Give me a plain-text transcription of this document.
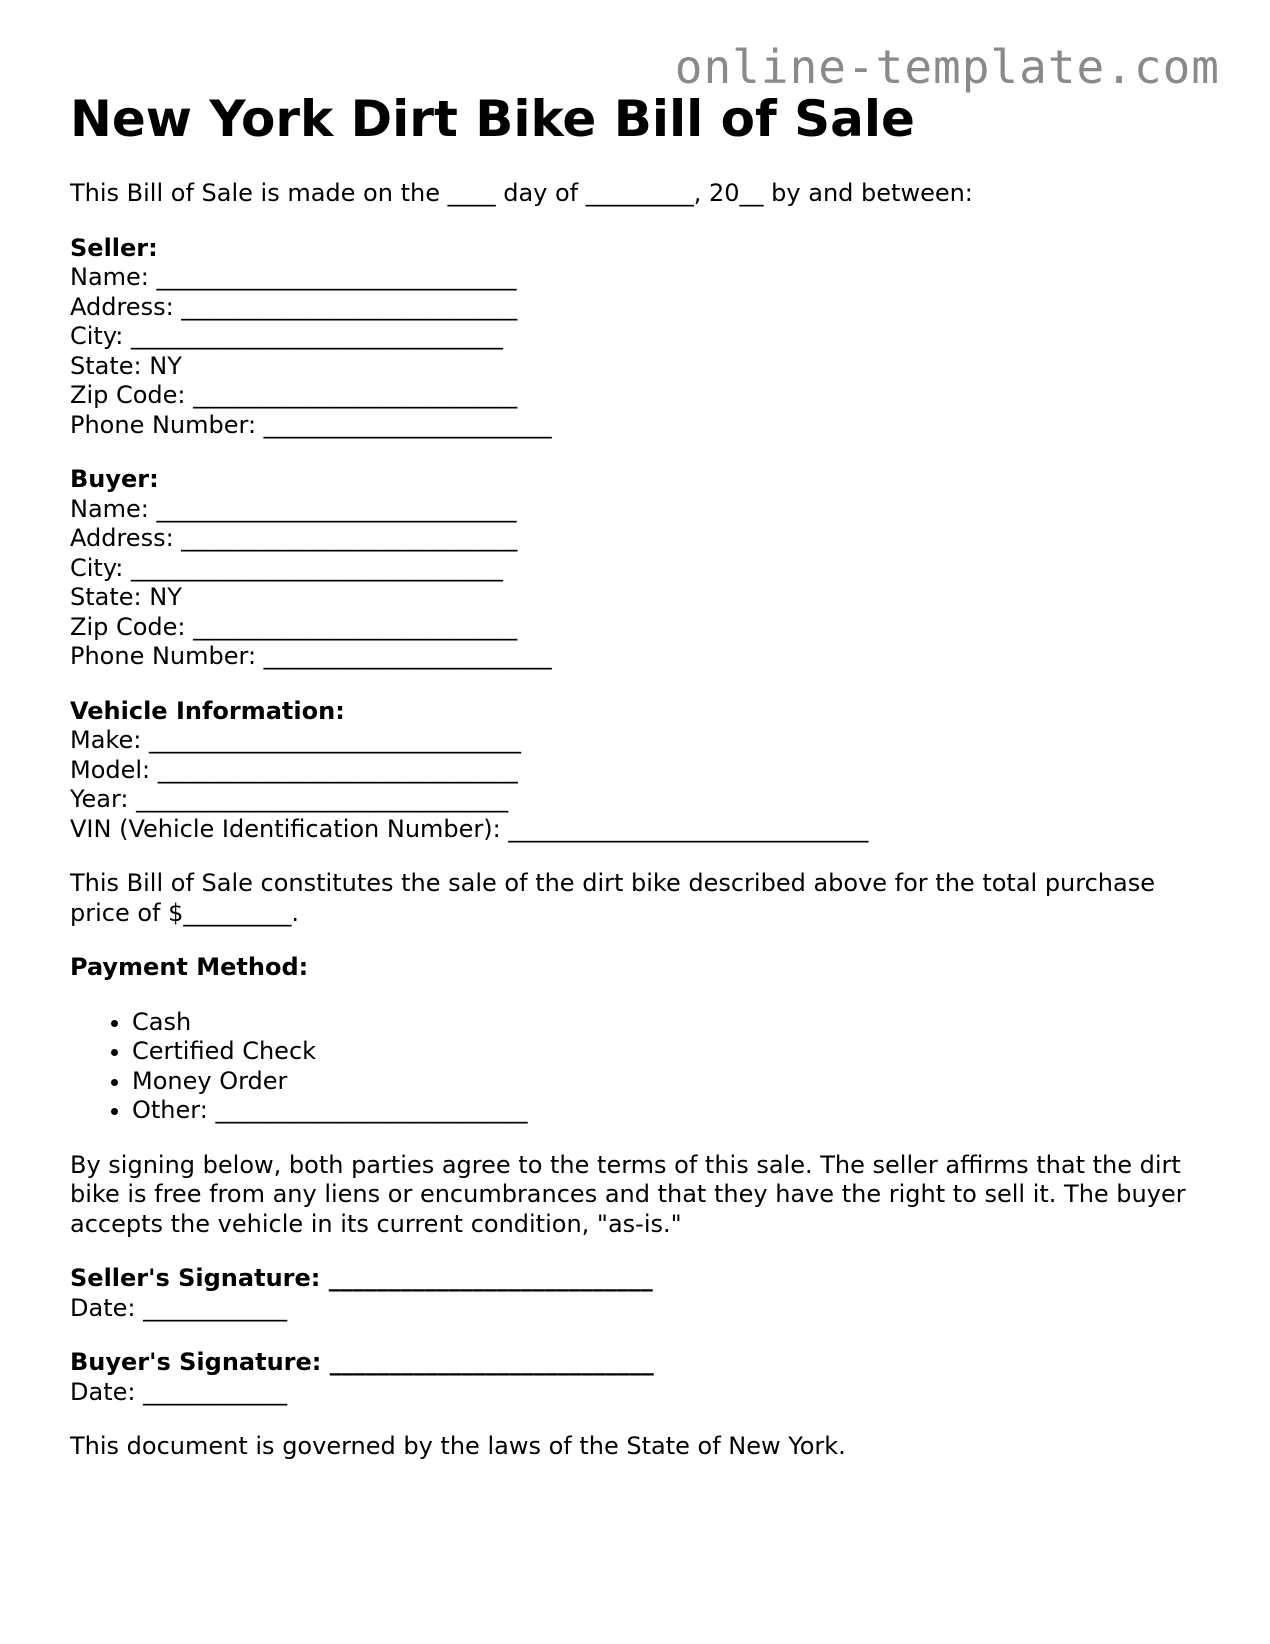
online-template.com
New York Dirt Bike Bill of Sale

This Bill of Sale is made on the ____ day of _________, 20__ by and between:

Seller:

Name: ______________________________

Address: ____________________________

City: _______________________________

State: NY

Zip Code: ___________________________

Phone Number: ________________________

Buyer:

Name: ______________________________

Address: ____________________________

City: _______________________________

State: NY

Zip Code: ___________________________

Phone Number: ________________________

Vehicle Information:

Make: _______________________________

Model: ______________________________

Year: _______________________________

VIN (Vehicle Identification Number): ______________________________

This Bill of Sale constitutes the sale of the dirt bike described above for the total purchase price of $_________.

Payment Method:

• Cash
• Certified Check
• Money Order
• Other: __________________________

By signing below, both parties agree to the terms of this sale. The seller affirms that the dirt bike is free from any liens or encumbrances and that they have the right to sell it. The buyer accepts the vehicle in its current condition, "as-is."

Seller's Signature: ___________________________

Date: ____________

Buyer's Signature: ___________________________

Date: ____________

This document is governed by the laws of the State of New York.
